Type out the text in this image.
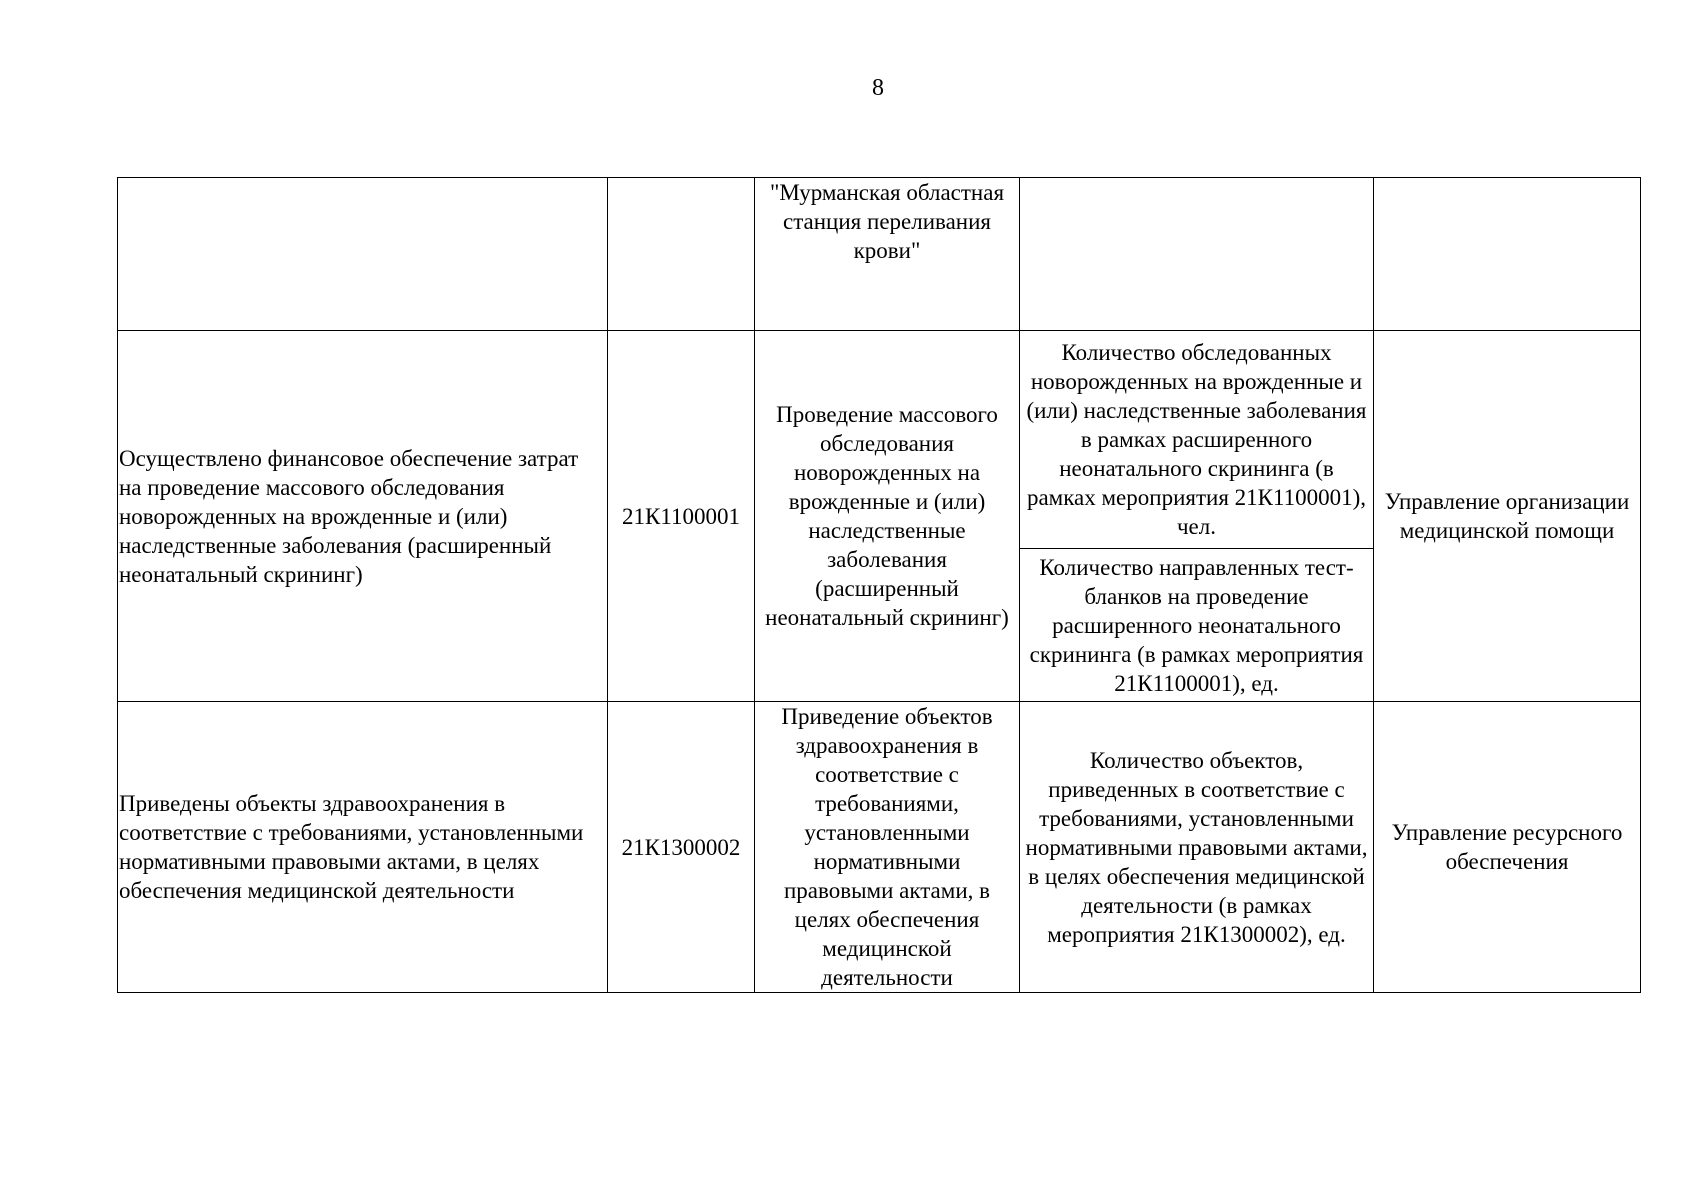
8

		"Мурманская областная станция переливания крови"		

Осуществлено финансовое обеспечение затрат на проведение массового обследования новорожденных на врожденные и (или) наследственные заболевания (расширенный неонатальный скрининг)	21К1100001	Проведение массового обследования новорожденных на врожденные и (или) наследственные заболевания (расширенный неонатальный скрининг)	Количество обследованных новорожденных на врожденные и (или) наследственные заболевания в рамках расширенного неонатального скрининга (в рамках мероприятия 21К1100001), чел.	Управление организации медицинской помощи

			Количество направленных тест-бланков на проведение расширенного неонатального скрининга (в рамках мероприятия 21К1100001), ед.	

Приведены объекты здравоохранения в соответствие с требованиями, установленными нормативными правовыми актами, в целях обеспечения медицинской деятельности	21К1300002	Приведение объектов здравоохранения в соответствие с требованиями, установленными нормативными правовыми актами, в целях обеспечения медицинской деятельности	Количество объектов, приведенных в соответствие с требованиями, установленными нормативными правовыми актами, в целях обеспечения медицинской деятельности (в рамках мероприятия 21К1300002), ед.	Управление ресурсного обеспечения
